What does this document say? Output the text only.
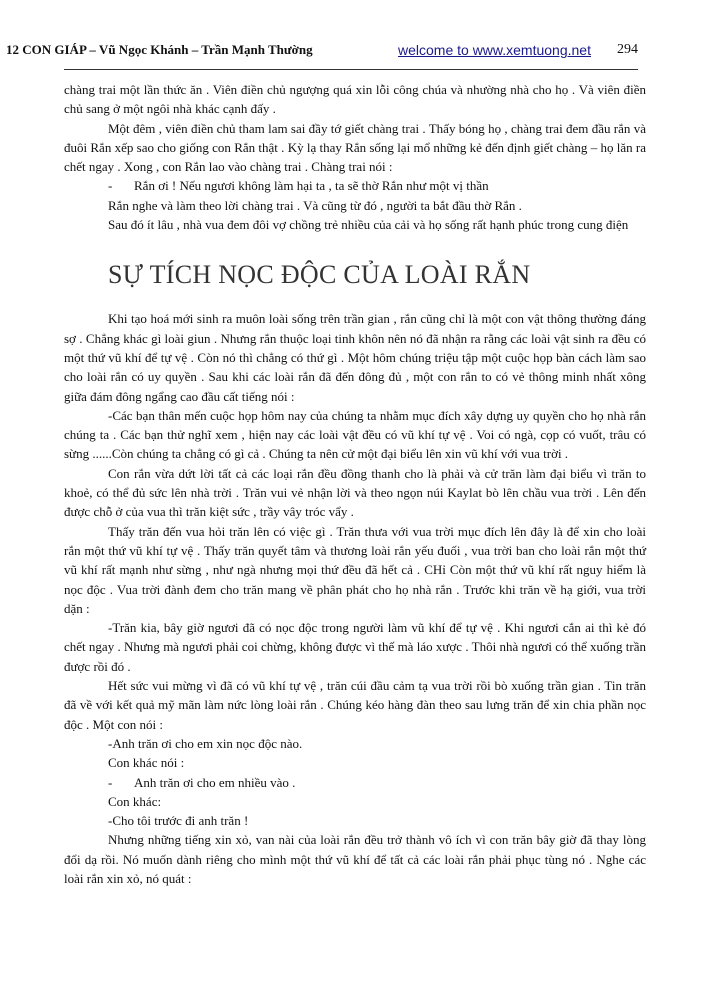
12 CON GIÁP – Vũ Ngọc Khánh – Trần Mạnh Thường	welcome to www.xemtuong.net 294

chàng trai một lần thức ăn . Viên điền chủ ngượng quá xin lỗi công chúa và nhường nhà cho họ . Và viên điền chủ sang ở một ngôi nhà khác cạnh đấy .

Một đêm , viên điền chủ tham lam sai đầy tớ giết chàng trai . Thấy bóng họ , chàng trai đem đầu rắn và đuôi Rắn xếp sao cho giống con Rắn thật . Kỳ lạ thay Rắn sống lại mổ những kẻ đến định giết chàng – họ lăn ra chết ngay . Xong , con Rắn lao vào chàng trai . Chàng trai nói :

-	Rắn ơi ! Nếu ngươi không làm hại ta , ta sẽ thờ Rắn như một vị thần

Rắn nghe và làm theo lời chàng trai . Và cũng từ đó , người ta bắt đầu thờ Rắn .

Sau đó ít lâu , nhà vua đem đôi vợ chồng trẻ nhiều của cải và họ sống rất hạnh phúc trong cung điện

SỰ TÍCH NỌC ĐỘC CỦA LOÀI RẮN

Khi tạo hoá mới sinh ra muôn loài sống trên trần gian , rắn cũng chỉ là một con vật thông thường đáng sợ . Chẳng khác gì loài giun . Nhưng rắn thuộc loại tinh khôn nên nó đã nhận ra rằng các loài vật sinh ra đều có một thứ vũ khí để tự vệ . Còn nó thì chẳng có thứ gì . Một hôm chúng triệu tập một cuộc họp bàn cách làm sao cho loài rắn có uy quyền . Sau khi các loài rắn đã đến đông đủ , một con rắn to có vẻ thông minh nhất xông giữa đám đông ngẩng cao đầu cất tiếng nói :

-Các bạn thân mến cuộc họp hôm nay của chúng ta nhằm mục đích xây dựng uy quyền cho họ nhà rắn chúng ta . Các bạn thử nghĩ xem , hiện nay các loài vật đều có vũ khí tự vệ . Voi có ngà, cọp có vuốt, trâu có sừng ......Còn chúng ta chẳng có gì cả . Chúng ta nên cử một đại biểu lên xin vũ khí với vua trời .

Con rắn vừa dứt lời tất cả các loại rắn đều đồng thanh cho là phải và cử trăn làm đại biểu vì trăn to khoẻ, có thể đủ sức lên nhà trời . Trăn vui vẻ nhận lời và theo ngọn núi Kaylat bò lên chầu vua trời . Lên đến được chỗ ở của vua thì trăn kiệt sức , trầy vây tróc vẩy .

Thấy trăn đến vua hỏi trăn lên có việc gì . Trăn thưa với vua trời mục đích lên đây là để xin cho loài rắn một thứ vũ khí tự vệ . Thấy trăn quyết tâm và thương loài rắn yếu đuối , vua trời ban cho loài rắn một thứ vũ khí rất mạnh như sừng , như ngà nhưng mọi thứ đều đã hết cả . CHỉ Còn một thứ vũ khí rất nguy hiểm là nọc độc . Vua trời đành đem cho trăn mang về phân phát cho họ nhà rắn . Trước khi trăn về hạ giới, vua trời dặn :

-Trăn kia, bây giờ ngươi đã có nọc độc trong người làm vũ khí để tự vệ . Khi ngươi cắn ai thì kẻ đó chết ngay . Nhưng mà ngươi phải coi chừng, không được vì thế mà láo xược . Thôi nhà ngươi có thể xuống trần được rồi đó .

Hết sức vui mừng vì đã có vũ khí tự vệ , trăn cúi đầu cảm tạ vua trời rồi bò xuống trần gian . Tin trăn đã về với kết quả mỹ mãn làm nức lòng loài rắn . Chúng kéo hàng đàn theo sau lưng trăn để xin chia phần nọc độc . Một con nói :

-Anh trăn ơi cho em xin nọc độc nào.

Con khác nói :

-	Anh trăn ơi cho em nhiều vào .

Con khác:

-Cho tôi trước đi anh trăn !

Nhưng những tiếng xin xỏ, van nài của loài rắn đều trở thành vô ích vì con trăn bây giờ đã thay lòng đổi dạ rồi. Nó muốn dành riêng cho mình một thứ vũ khí để tất cả các loài rắn phải phục tùng nó . Nghe các loài rắn xin xỏ, nó quát :
